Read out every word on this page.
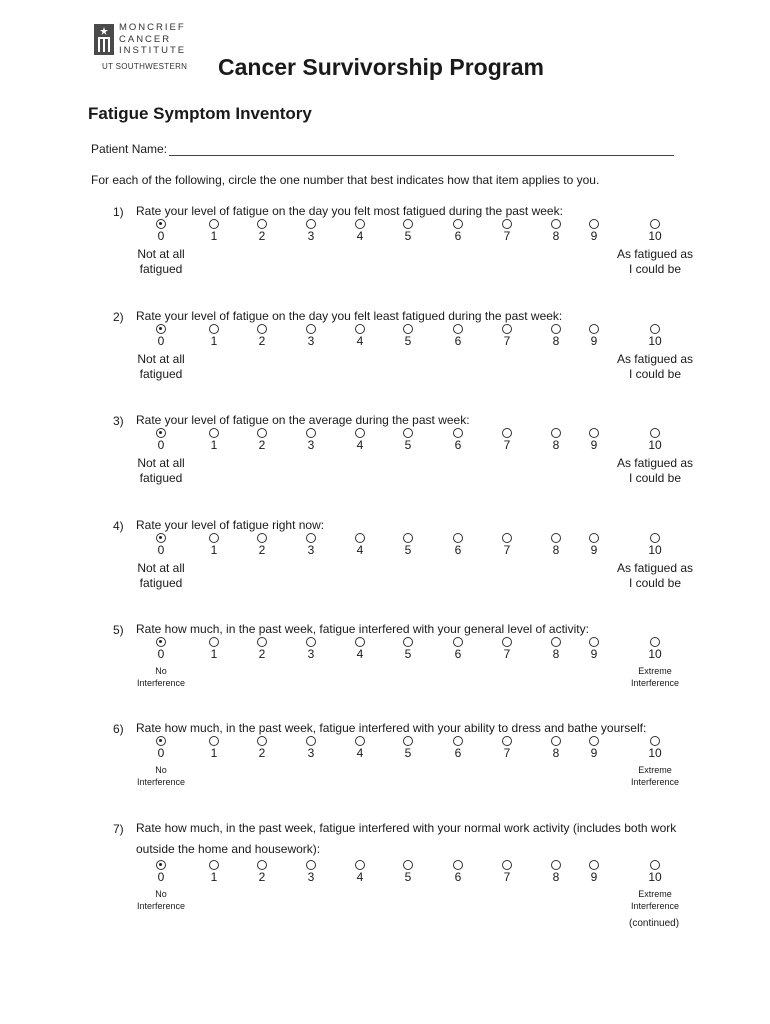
MONCRIEF
CANCER
INSTITUTE
UT SOUTHWESTERN Cancer Survivorship Program
Fatigue Symptom Inventory
Patient Name:

For each of the following, circle the one number that best indicates how that item applies to you.

1) Rate your level of fatigue on the day you felt most fatigued during the past week:
0	1	2	3	4	5	6	7	8	9	10
Not at all
fatigued
As fatigued as
I could be
2) Rate your level of fatigue on the day you felt least fatigued during the past week:
0	1	2	3	4	5	6	7	8	9	10
Not at all
fatigued
As fatigued as
I could be
3) Rate your level of fatigue on the average during the past week:
0	1	2	3	4	5	6	7	8	9	10
Not at all
fatigued
As fatigued as
I could be
4) Rate your level of fatigue right now:
0	1	2	3	4	5	6	7	8	9	10
Not at all
fatigued
As fatigued as
I could be
5) Rate how much, in the past week, fatigue interfered with your general level of activity:
0	1	2	3	4	5	6	7	8	9	10
No
Interference
Extreme
Interference
6) Rate how much, in the past week, fatigue interfered with your ability to dress and bathe yourself:
0	1	2	3	4	5	6	7	8	9	10
No
Interference
Extreme
Interference
7) Rate how much, in the past week, fatigue interfered with your normal work activity (includes both work outside the home and housework):
0	1	2	3	4	5	6	7	8	9	10
No
Interference
Extreme
Interference

(continued)
